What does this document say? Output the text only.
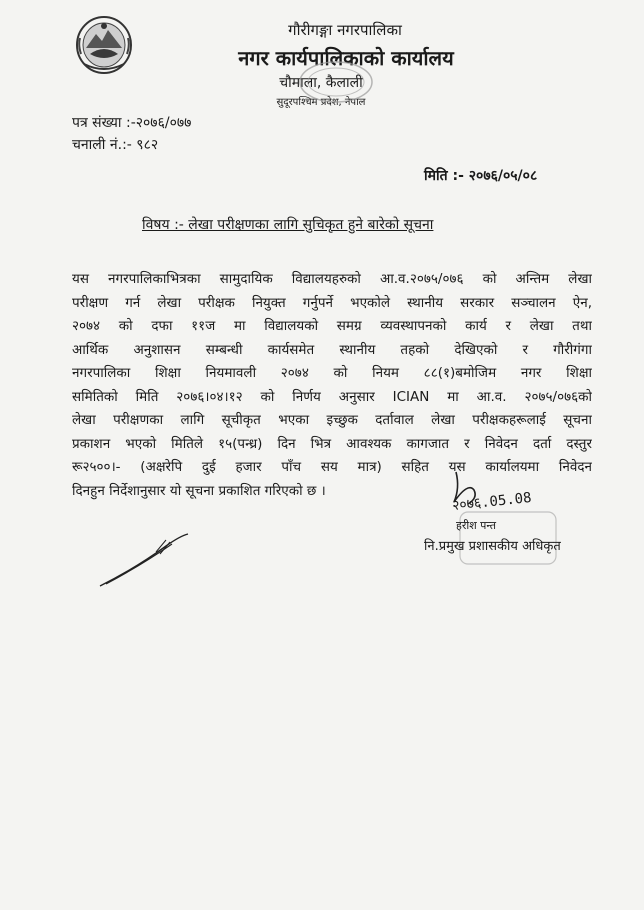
गौरीगङ्गा नगरपालिका
नगर कार्यपालिकाको कार्यालय
चौमाला, कैलाली
सुदूरपश्चिम प्रदेश, नेपाल
पत्र संख्या :-२०७६/०७७
चनाली नं.:- ९८२
मिति :- २०७६/०५/०८
विषय :- लेखा परीक्षणका लागि सुचिकृत हुने बारेको सूचना
यस नगरपालिकाभित्रका सामुदायिक विद्यालयहरुको आ.व.२०७५/०७६ को अन्तिम लेखा
परीक्षण गर्न लेखा परीक्षक नियुक्त गर्नुपर्ने भएकोले स्थानीय सरकार सञ्चालन ऐन,
२०७४ को दफा ११ज मा विद्यालयको समग्र व्यवस्थापनको कार्य र लेखा तथा
आर्थिक अनुशासन सम्बन्धी कार्यसमेत स्थानीय तहको देखिएको र गौरीगंगा
नगरपालिका शिक्षा नियमावली २०७४ को नियम ८८(१)बमोजिम नगर शिक्षा
समितिको मिति २०७६।०४।१२ को निर्णय अनुसार ICIAN मा आ.व. २०७५/०७६को
लेखा परीक्षणका लागि सूचीकृत भएका इच्छुक दर्तावाल लेखा परीक्षकहरूलाई सूचना
प्रकाशन भएको मितिले १५(पन्ध्र) दिन भित्र आवश्यक कागजात र निवेदन दर्ता दस्तुर
रू२५००।- (अक्षरेपि दुई हजार पाँच सय मात्र) सहित यस कार्यालयमा निवेदन
दिनहुन निर्देशानुसार यो सूचना प्रकाशित गरिएको छ ।	२०७६.05.08
हरीश पन्त
नि.प्रमुख प्रशासकीय अधिकृत
